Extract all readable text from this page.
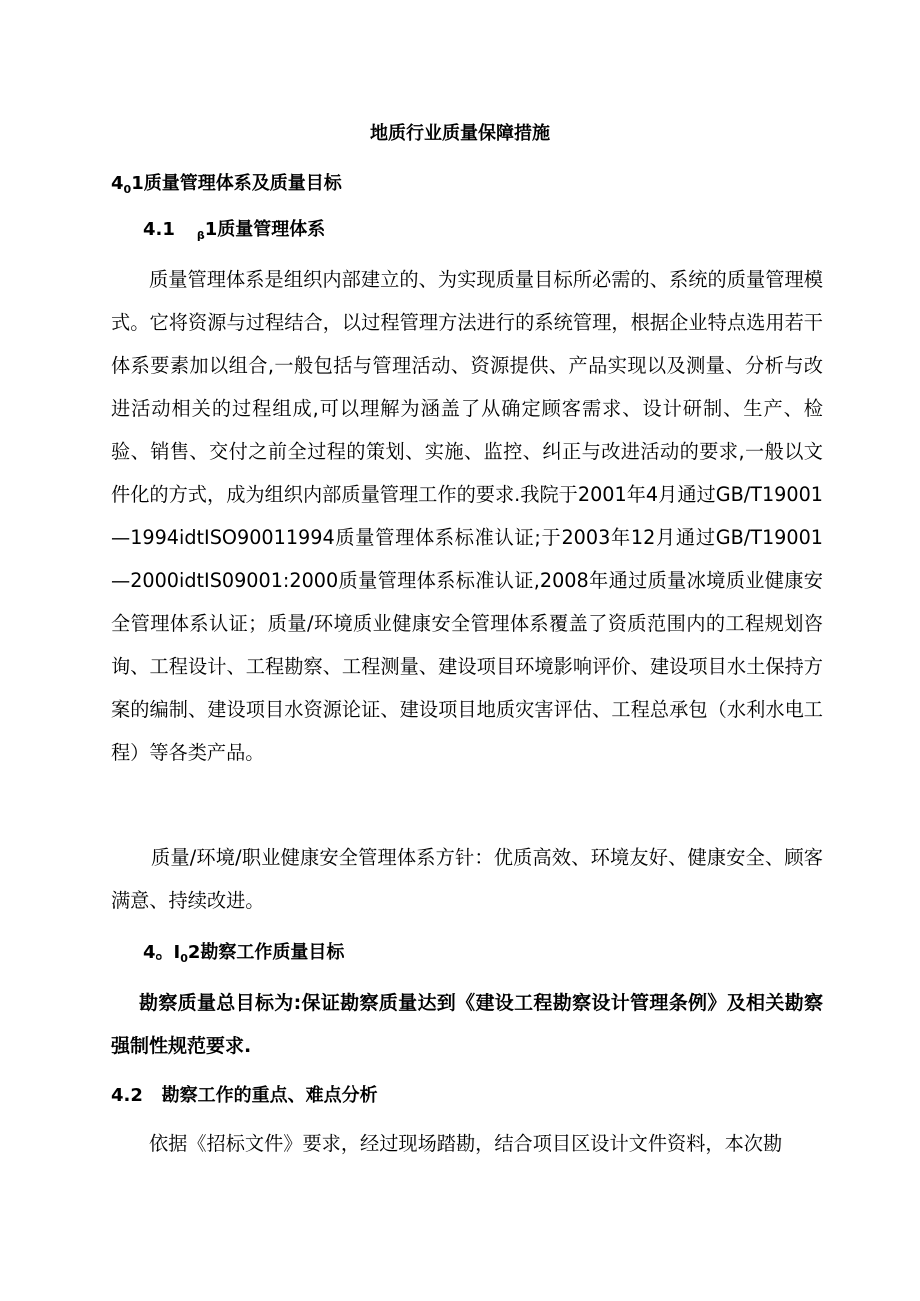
地质行业质量保障措施
$4_01$质量管理体系及质量目标
4.1 $_\beta$1质量管理体系
质量管理体系是组织内部建立的、为实现质量目标所必需的、系统的质量管理模式。它将资源与过程结合，以过程管理方法进行的系统管理，根据企业特点选用若干体系要素加以组合,一般包括与管理活动、资源提供、产品实现以及测量、分析与改进活动相关的过程组成,可以理解为涵盖了从确定顾客需求、设计研制、生产、检验、销售、交付之前全过程的策划、实施、监控、纠正与改进活动的要求,一般以文件化的方式，成为组织内部质量管理工作的要求.我院于2001年4月通过GB/T19001—1994idtISO90011994质量管理体系标准认证;于2003年12月通过GB/T19001—2000idtIS09001:2000质量管理体系标准认证,2008年通过质量冰境质业健康安全管理体系认证；质量/环境质业健康安全管理体系覆盖了资质范围内的工程规划咨询、工程设计、工程勘察、工程测量、建设项目环境影响评价、建设项目水土保持方案的编制、建设项目水资源论证、建设项目地质灾害评估、工程总承包（水利水电工程）等各类产品。
质量/环境/职业健康安全管理体系方针：优质高效、环境友好、健康安全、顾客满意、持续改进。
4。$I_02$勘察工作质量目标
勘察质量总目标为:保证勘察质量达到《建设工程勘察设计管理条例》及相关勘察强制性规范要求.
4.2   勘察工作的重点、难点分析
依据《招标文件》要求，经过现场踏勘，结合项目区设计文件资料，本次勘
